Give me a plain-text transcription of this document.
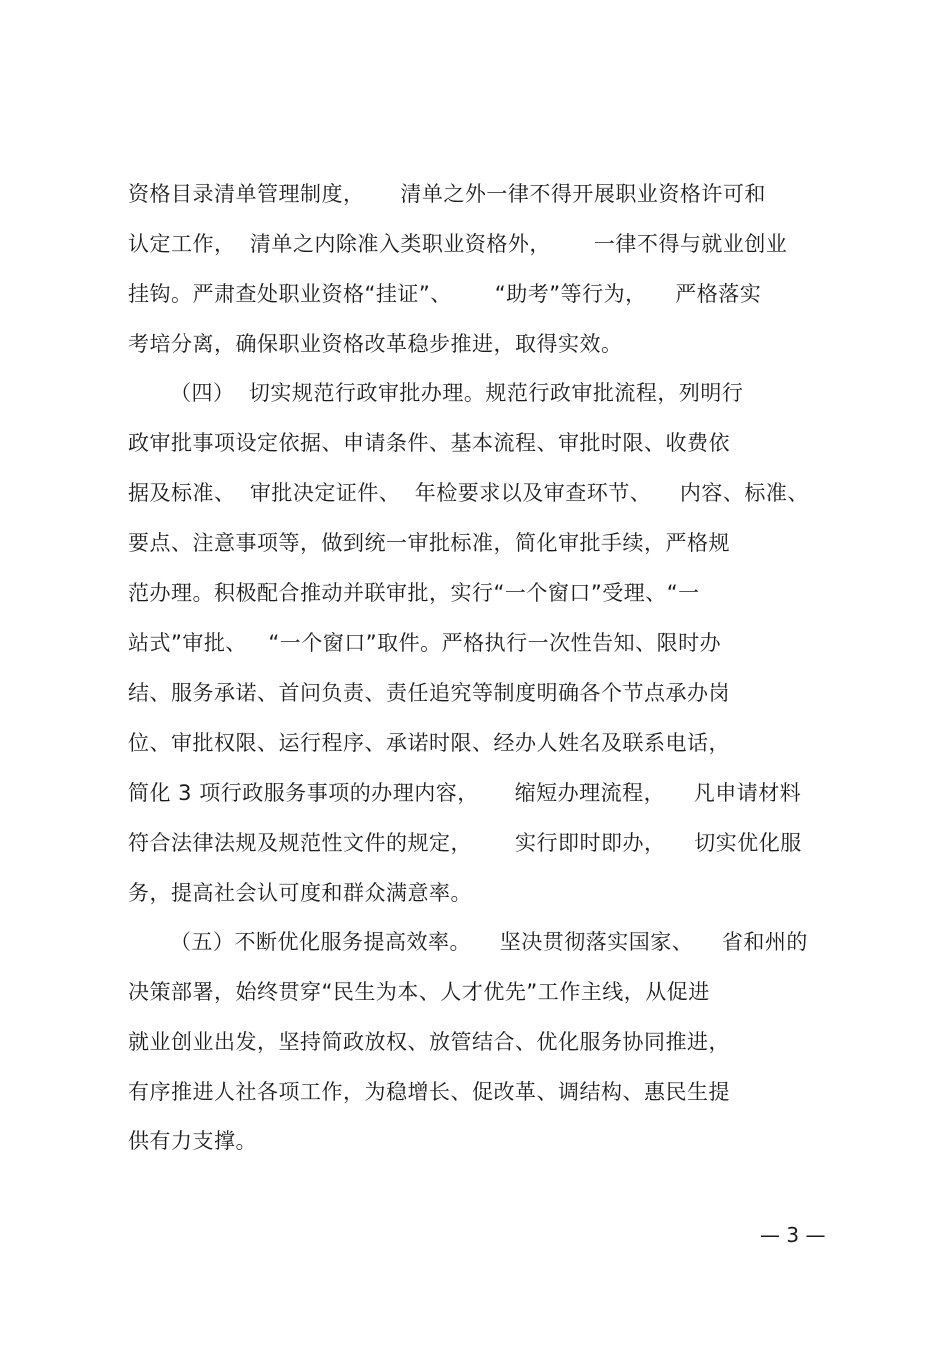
资格目录清单管理制度，     清单之外一律不得开展职业资格许可和
认定工作，  清单之内除准入类职业资格外，      一律不得与就业创业
挂钩。严肃查处职业资格“挂证”、      “助考”等行为，    严格落实
考培分离，确保职业资格改革稳步推进，取得实效。
（四）  切实规范行政审批办理。规范行政审批流程，列明行
政审批事项设定依据、申请条件、基本流程、审批时限、收费依
据及标准、  审批决定证件、  年检要求以及审查环节、    内容、标准、
要点、注意事项等，做到统一审批标准，简化审批手续，严格规
范办理。积极配合推动并联审批，实行“一个窗口”受理、“一
站式”审批、   “一个窗口”取件。严格执行一次性告知、限时办
结、服务承诺、首问负责、责任追究等制度明确各个节点承办岗
位、审批权限、运行程序、承诺时限、经办人姓名及联系电话，
简化 3 项行政服务事项的办理内容，     缩短办理流程，    凡申请材料
符合法律法规及规范性文件的规定，      实行即时即办，    切实优化服
务，提高社会认可度和群众满意率。
（五）不断优化服务提高效率。    坚决贯彻落实国家、    省和州的
决策部署，始终贯穿“民生为本、人才优先”工作主线，从促进
就业创业出发，坚持简政放权、放管结合、优化服务协同推进，
有序推进人社各项工作，为稳增长、促改革、调结构、惠民生提
供有力支撑。
— 3 —
